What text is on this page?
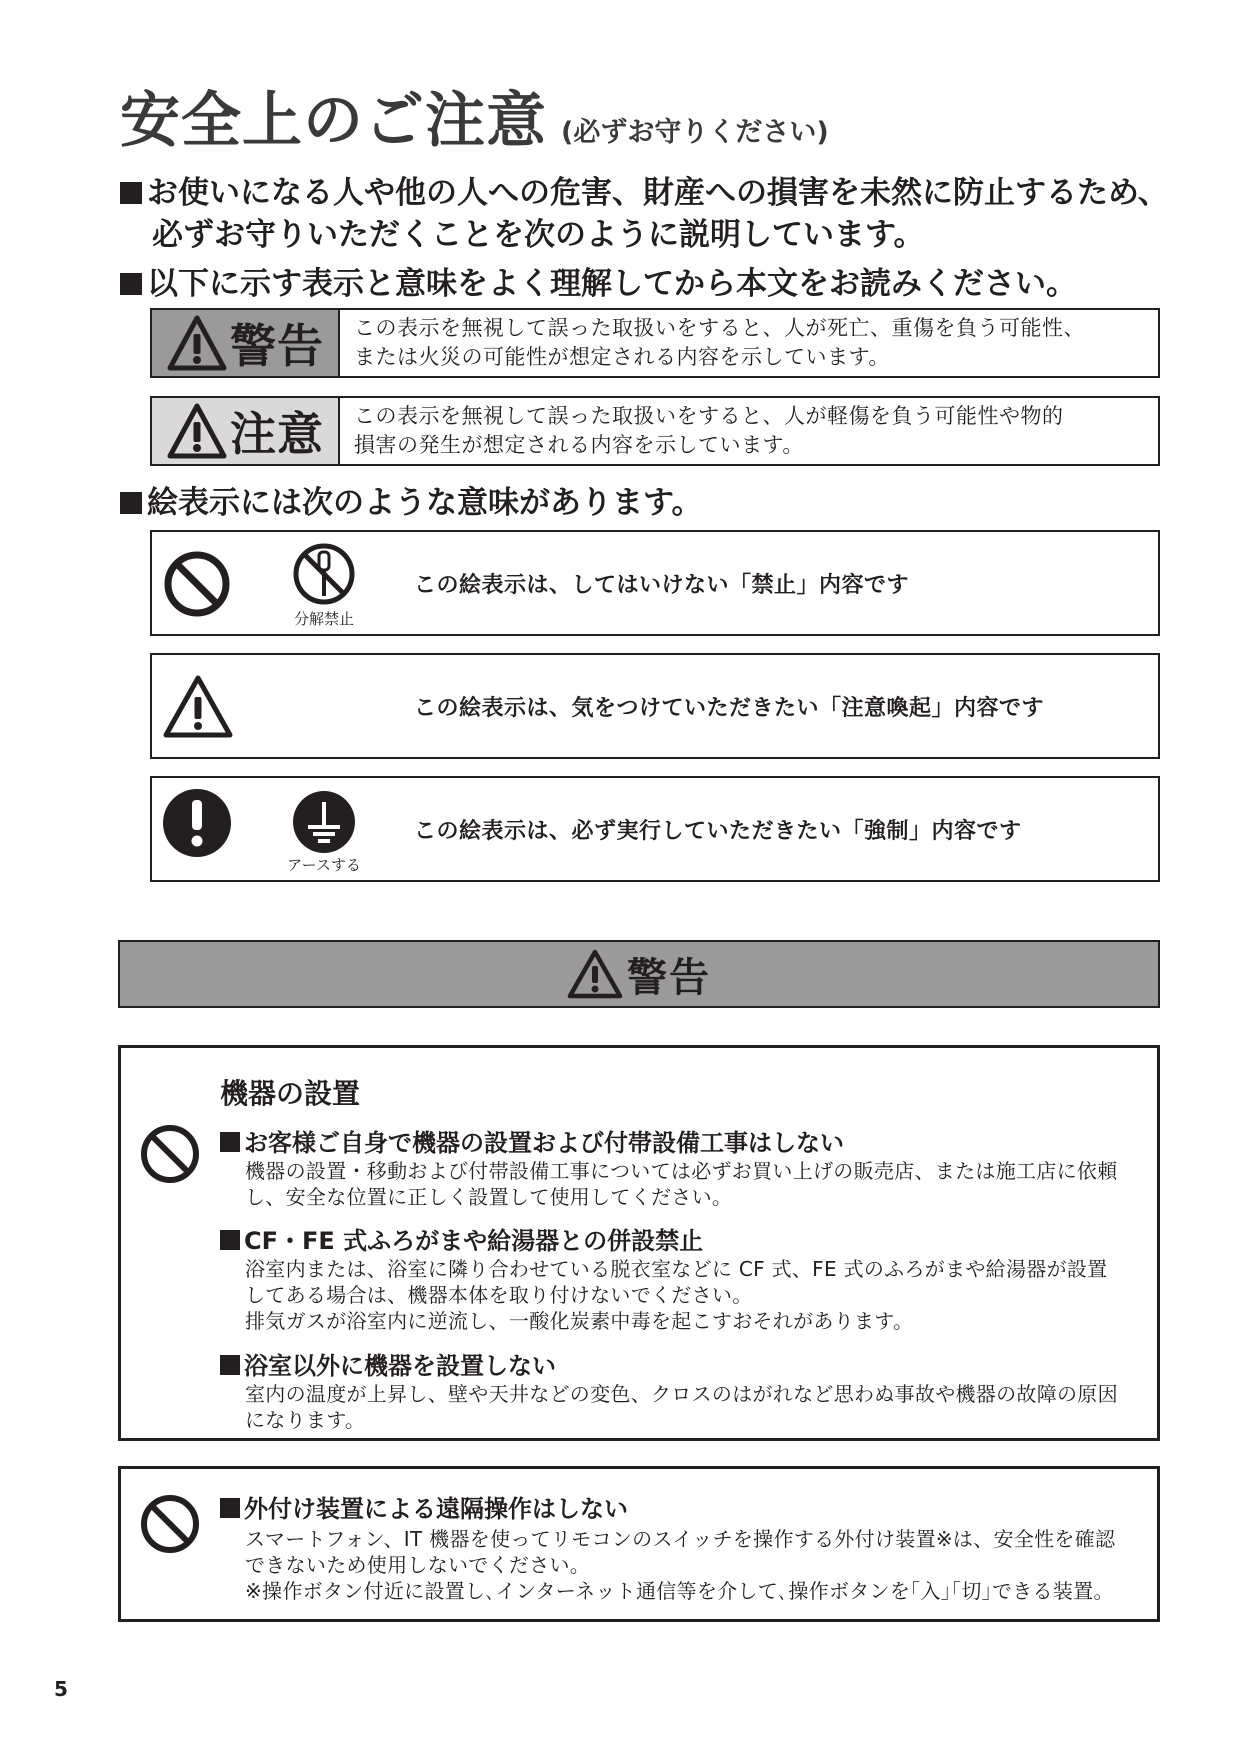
安全上のご注意 (必ずお守りください)
お使いになる人や他の人への危害、財産への損害を未然に防止するため、
必ずお守りいただくことを次のように説明しています。
以下に示す表示と意味をよく理解してから本文をお読みください。
警告 この表示を無視して誤った取扱いをすると、人が死亡、重傷を負う可能性、
または火災の可能性が想定される内容を示しています。
注意 この表示を無視して誤った取扱いをすると、人が軽傷を負う可能性や物的
損害の発生が想定される内容を示しています。
絵表示には次のような意味があります。
分解禁止
この絵表示は、してはいけない「禁止」内容です
この絵表示は、気をつけていただきたい「注意喚起」内容です
アースする
この絵表示は、必ず実行していただきたい「強制」内容です
警告
機器の設置
お客様ご自身で機器の設置および付帯設備工事はしない
機器の設置・移動および付帯設備工事については必ずお買い上げの販売店、または施工店に依頼
し、安全な位置に正しく設置して使用してください。
CF・FE 式ふろがまや給湯器との併設禁止
浴室内または、浴室に隣り合わせている脱衣室などに CF 式、FE 式のふろがまや給湯器が設置
してある場合は、機器本体を取り付けないでください。
排気ガスが浴室内に逆流し、一酸化炭素中毒を起こすおそれがあります。
浴室以外に機器を設置しない
室内の温度が上昇し、壁や天井などの変色、クロスのはがれなど思わぬ事故や機器の故障の原因
になります。
外付け装置による遠隔操作はしない
スマートフォン、IT 機器を使ってリモコンのスイッチを操作する外付け装置※は、安全性を確認
できないため使用しないでください。
※操作ボタン付近に設置し､インターネット通信等を介して､操作ボタンを｢入｣｢切｣できる装置。
5
